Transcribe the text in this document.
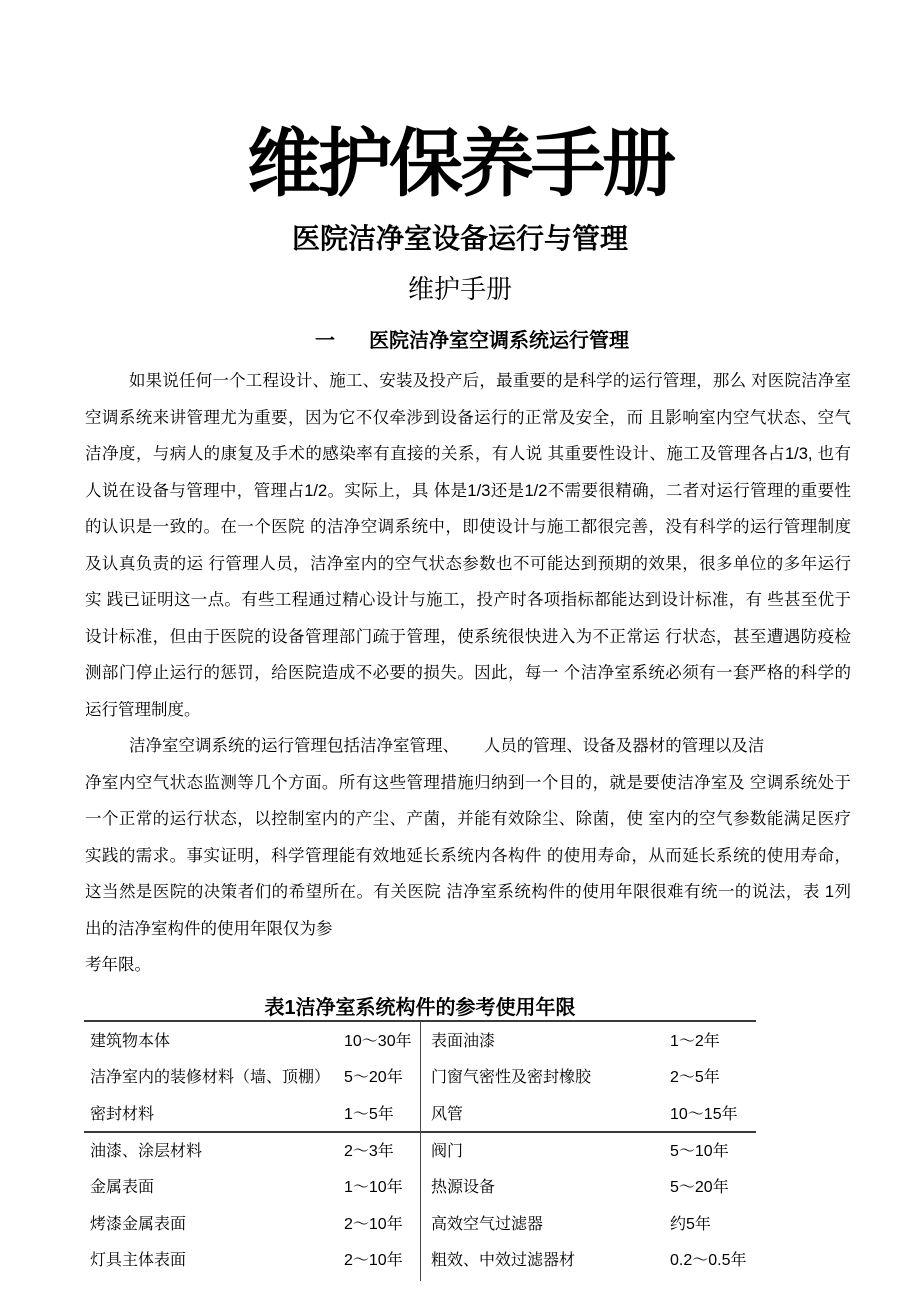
维护保养手册
医院洁净室设备运行与管理
维护手册
一 医院洁净室空调系统运行管理
如果说任何一个工程设计、施工、安装及投产后，最重要的是科学的运行管理，那么 对医院洁净室
空调系统来讲管理尤为重要，因为它不仅牵涉到设备运行的正常及安全，而 且影响室内空气状态、空气
洁净度，与病人的康复及手术的感染率有直接的关系，有人说 其重要性设计、施工及管理各占1/3, 也有
人说在设备与管理中，管理占1/2。实际上，具 体是1/3还是1/2不需要很精确，二者对运行管理的重要性
的认识是一致的。在一个医院 的洁净空调系统中，即使设计与施工都很完善，没有科学的运行管理制度
及认真负责的运 行管理人员，洁净室内的空气状态参数也不可能达到预期的效果，很多单位的多年运行
实 践已证明这一点。有些工程通过精心设计与施工，投产时各项指标都能达到设计标准，有 些甚至优于
设计标准，但由于医院的设备管理部门疏于管理，使系统很快进入为不正常运 行状态，甚至遭遇防疫检
测部门停止运行的惩罚，给医院造成不必要的损失。因此，每一 个洁净室系统必须有一套严格的科学的
运行管理制度。
洁净室空调系统的运行管理包括洁净室管理、　　人员的管理、设备及器材的管理以及洁
净室内空气状态监测等几个方面。所有这些管理措施归纳到一个目的，就是要使洁净室及 空调系统处于
一个正常的运行状态，以控制室内的产尘、产菌，并能有效除尘、除菌，使 室内的空气参数能满足医疗
实践的需求。事实证明，科学管理能有效地延长系统内各构件 的使用寿命，从而延长系统的使用寿命，
这当然是医院的决策者们的希望所在。有关医院 洁净室系统构件的使用年限很难有统一的说法，表 1列
出的洁净室构件的使用年限仅为参
考年限。
表1洁净室系统构件的参考使用年限
建筑物本体	10～30年 表面油漆	1～2年
洁净室内的装修材料（墙、顶棚） 5～20年 门窗气密性及密封橡胶	2～5年
密封材料	1～5年 风管	10～15年
油漆、涂层材料	2～3年 阀门	5～10年
金属表面	1～10年 热源设备	5～20年
烤漆金属表面	2～10年 高效空气过滤器	约5年
灯具主体表面	2～10年 粗效、中效过滤器材	0.2～0.5年
